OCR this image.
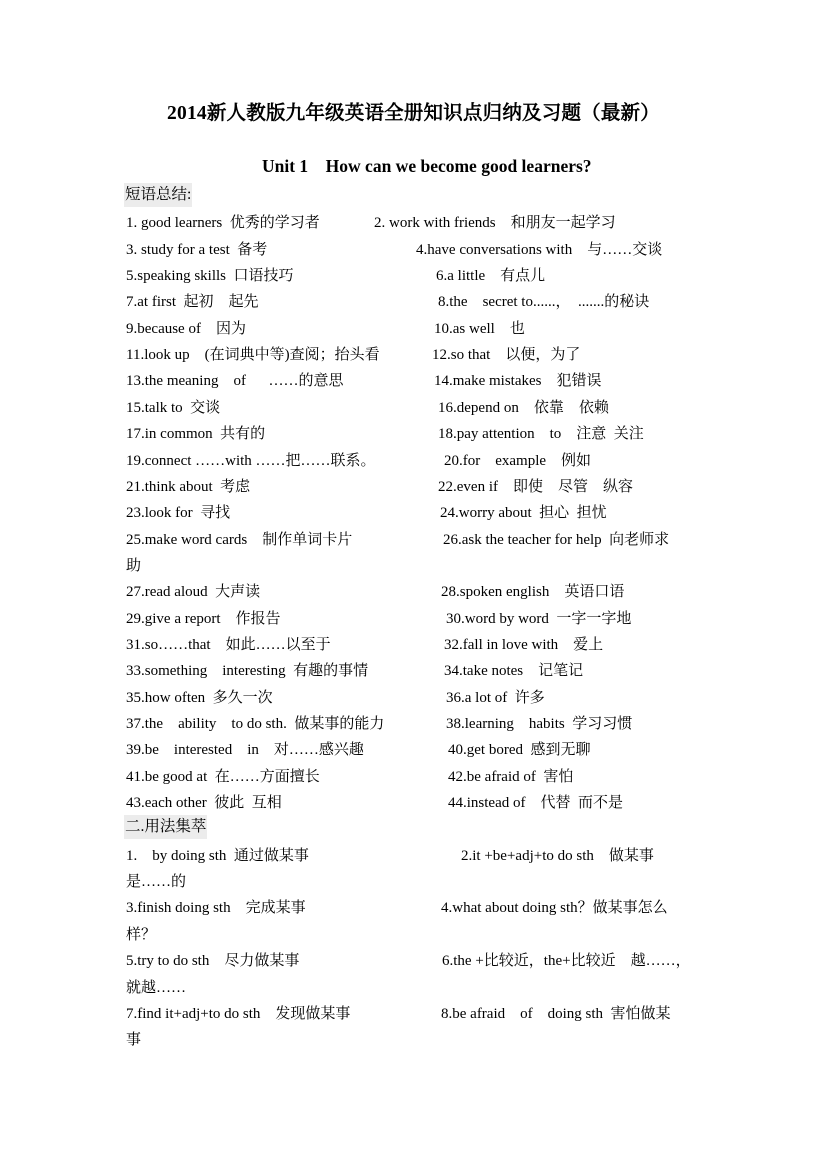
2014新人教版九年级英语全册知识点归纳及习题（最新）
Unit 1    How can we become good learners?
短语总结:
1. good learners  优秀的学习者	2. work with friends    和朋友一起学习
3. study for a test  备考	4.have conversations with    与……交谈
5.speaking skills  口语技巧	6.a little    有点儿
7.at first  起初    起先	8.the    secret to......，  .......的秘诀
9.because of    因为	10.as well    也
11.look up    (在词典中等)查阅；抬头看	12.so that    以便，为了
13.the meaning    of      ……的意思	14.make mistakes    犯错误
15.talk to  交谈	16.depend on    依靠    依赖
17.in common  共有的	18.pay attention    to    注意  关注
19.connect ……with ……把……联系。	20.for    example    例如
21.think about  考虑	22.even if    即使    尽管    纵容
23.look for  寻找	24.worry about  担心  担忧
25.make word cards    制作单词卡片	26.ask the teacher for help  向老师求
助
27.read aloud  大声读	28.spoken english    英语口语
29.give a report    作报告	30.word by word  一字一字地
31.so……that    如此……以至于	32.fall in love with    爱上
33.something    interesting  有趣的事情	34.take notes    记笔记
35.how often  多久一次	36.a lot of  许多
37.the    ability    to do sth.  做某事的能力	38.learning    habits  学习习惯
39.be    interested    in    对……感兴趣	40.get bored  感到无聊
41.be good at  在……方面擅长	42.be afraid of  害怕
43.each other  彼此  互相	44.instead of    代替  而不是
二.用法集萃
1.    by doing sth  通过做某事	2.it +be+adj+to do sth    做某事
是……的
3.finish doing sth    完成某事	4.what about doing sth？做某事怎么
样？
5.try to do sth    尽力做某事	6.the +比较近，the+比较近    越……，
就越……
7.find it+adj+to do sth    发现做某事	8.be afraid    of    doing sth  害怕做某
事
